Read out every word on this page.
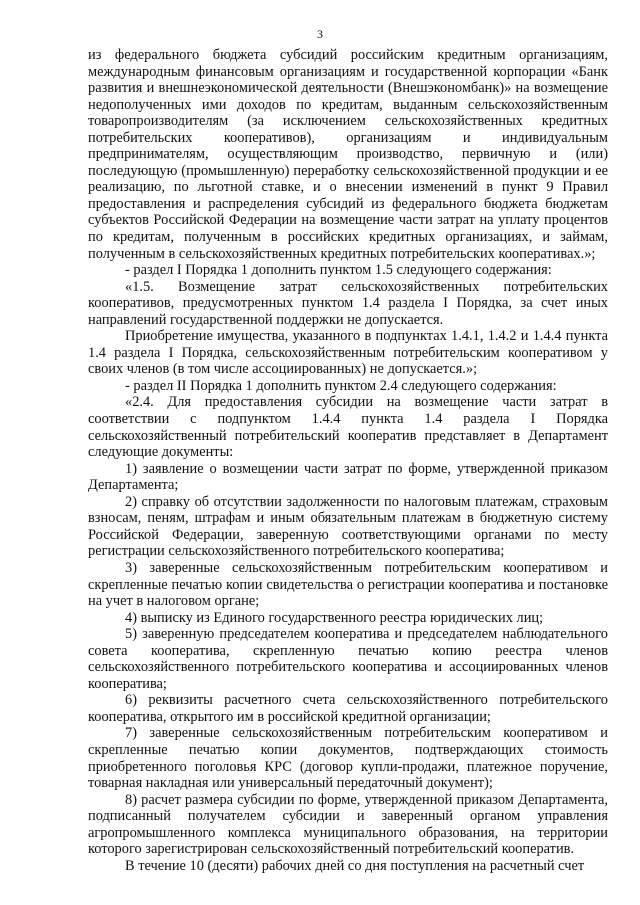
3

из федерального бюджета субсидий российским кредитным организациям, международным финансовым организациям и государственной корпорации «Банк развития и внешнеэкономической деятельности (Внешэкономбанк)» на возмещение недополученных ими доходов по кредитам, выданным сельскохозяйственным товаропроизводителям (за исключением сельскохозяйственных кредитных потребительских кооперативов), организациям и индивидуальным предпринимателям, осуществляющим производство, первичную и (или) последующую (промышленную) переработку сельскохозяйственной продукции и ее реализацию, по льготной ставке, и о внесении изменений в пункт 9 Правил предоставления и распределения субсидий из федерального бюджета бюджетам субъектов Российской Федерации на возмещение части затрат на уплату процентов по кредитам, полученным в российских кредитных организациях, и займам, полученным в сельскохозяйственных кредитных потребительских кооперативах.»;

- раздел I Порядка 1 дополнить пунктом 1.5 следующего содержания:

«1.5. Возмещение затрат сельскохозяйственных потребительских кооперативов, предусмотренных пунктом 1.4 раздела I Порядка, за счет иных направлений государственной поддержки не допускается.

Приобретение имущества, указанного в подпунктах 1.4.1, 1.4.2 и 1.4.4 пункта 1.4 раздела I Порядка, сельскохозяйственным потребительским кооперативом у своих членов (в том числе ассоциированных) не допускается.»;

- раздел II Порядка 1 дополнить пунктом 2.4 следующего содержания:

«2.4. Для предоставления субсидии на возмещение части затрат в соответствии с подпунктом 1.4.4 пункта 1.4 раздела I Порядка сельскохозяйственный потребительский кооператив представляет в Департамент следующие документы:

1) заявление о возмещении части затрат по форме, утвержденной приказом Департамента;

2) справку об отсутствии задолженности по налоговым платежам, страховым взносам, пеням, штрафам и иным обязательным платежам в бюджетную систему Российской Федерации, заверенную соответствующими органами по месту регистрации сельскохозяйственного потребительского кооператива;

3) заверенные сельскохозяйственным потребительским кооперативом и скрепленные печатью копии свидетельства о регистрации кооператива и постановке на учет в налоговом органе;

4) выписку из Единого государственного реестра юридических лиц;

5) заверенную председателем кооператива и председателем наблюдательного совета кооператива, скрепленную печатью копию реестра членов сельскохозяйственного потребительского кооператива и ассоциированных членов кооператива;

6) реквизиты расчетного счета сельскохозяйственного потребительского кооператива, открытого им в российской кредитной организации;

7) заверенные сельскохозяйственным потребительским кооперативом и скрепленные печатью копии документов, подтверждающих стоимость приобретенного поголовья КРС (договор купли-продажи, платежное поручение, товарная накладная или универсальный передаточный документ);

8) расчет размера субсидии по форме, утвержденной приказом Департамента, подписанный получателем субсидии и заверенный органом управления агропромышленного комплекса муниципального образования, на территории которого зарегистрирован сельскохозяйственный потребительский кооператив.

В течение 10 (десяти) рабочих дней со дня поступления на расчетный счет
